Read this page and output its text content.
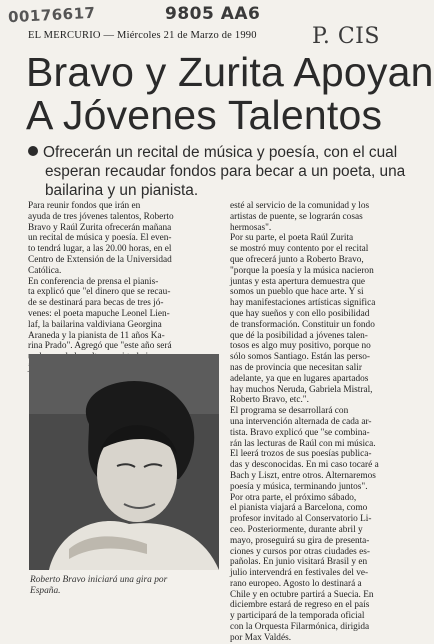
00176617	9805 AA6
P. CIS
EL MERCURIO — Miércoles 21 de Marzo de 1990
Bravo y Zurita Apoyan
A Jóvenes Talentos
Ofrecerán un recital de música y poesía, con el cual
esperan recaudar fondos para becar a un poeta, una
bailarina y un pianista.
Para reunir fondos que irán en
ayuda de tres jóvenes talentos, Roberto
Bravo y Raúl Zurita ofrecerán mañana
un recital de música y poesía. El even-
to tendrá lugar, a las 20.00 horas, en el
Centro de Extensión de la Universidad
Católica.
En conferencia de prensa el pianis-
ta explicó que "el dinero que se recau-
de se destinará para becas de tres jó-
venes: el poeta mapuche Leonel Lien-
laf, la bailarina valdiviana Georgina
Araneda y la pianista de 11 años Ka-
rina Prado". Agregó que "este año será
esté al servicio de la comunidad y los
artistas de puente, se lograrán cosas
hermosas".
Por su parte, el poeta Raúl Zurita
se mostró muy contento por el recital
que ofrecerá junto a Roberto Bravo,
"porque la poesía y la música nacieron
juntas y esta apertura demuestra que
somos un pueblo que hace arte. Y si
hay manifestaciones artísticas significa
que hay sueños y con ello posibilidad
de transformación. Constituir un fondo
que dé la posibilidad a jóvenes talen-
tosos es algo muy positivo, porque no
sólo somos Santiago. Están las perso-
nas de provincia que necesitan salir
adelante, ya que en lugares apartados
hay muchos Neruda, Gabriela Mistral,
Roberto Bravo, etc.".
El programa se desarrollará con
una intervención alternada de cada ar-
tista. Bravo explicó que "se combina-
rán las lecturas de Raúl con mi música.
El leerá trozos de sus poesías publica-
das y desconocidas. En mi caso tocaré a
Bach y Liszt, entre otros. Alternaremos
poesía y música, terminando juntos".
Por otra parte, el próximo sábado,
el pianista viajará a Barcelona, como
profesor invitado al Conservatorio Li-
ceo. Posteriormente, durante abril y
mayo, proseguirá su gira de presenta-
ciones y cursos por otras ciudades es-
pañolas. En junio visitará Brasil y en
julio intervendrá en festivales del ve-
rano europeo. Agosto lo destinará a
Chile y en octubre partirá a Suecia. En
diciembre estará de regreso en el país
y participará de la temporada oficial
con la Orquesta Filarmónica, dirigida
por Max Valdés.
Roberto Bravo iniciará una gira por
España.
